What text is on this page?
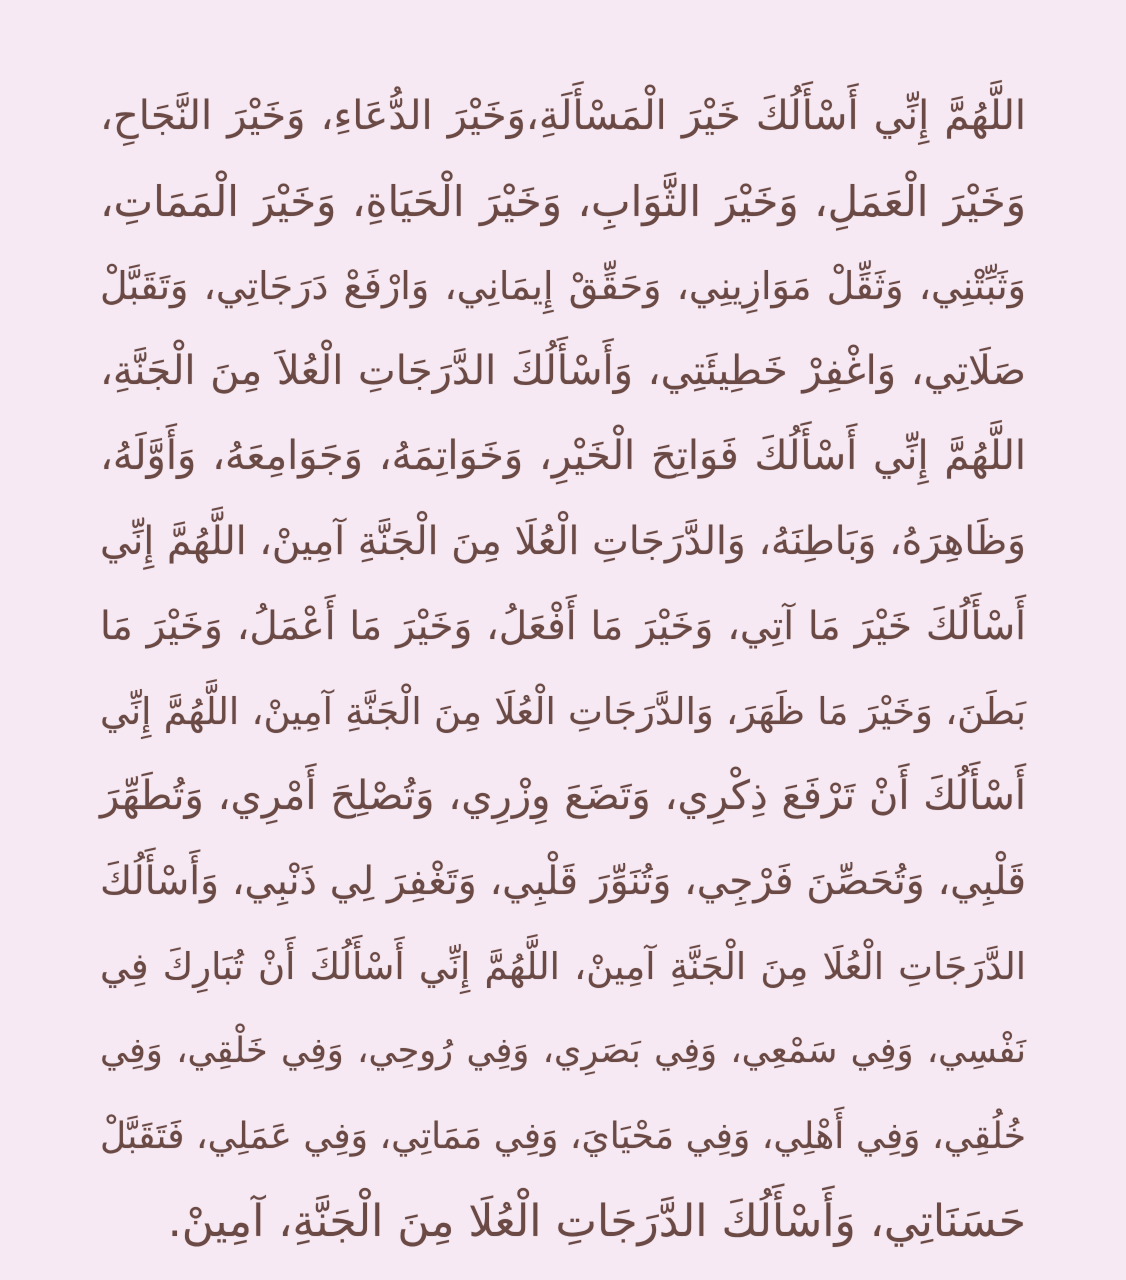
اللَّهُمَّ إِنِّي أَسْأَلُكَ خَيْرَ الْمَسْأَلَةِ،وَخَيْرَ الدُّعَاءِ، وَخَيْرَ النَّجَاحِ،
وَخَيْرَ الْعَمَلِ، وَخَيْرَ الثَّوَابِ، وَخَيْرَ الْحَيَاةِ، وَخَيْرَ الْمَمَاتِ،
وَثَبِّتْنِي، وَثَقِّلْ مَوَازِينِي، وَحَقِّقْ إِيمَانِي، وَارْفَعْ دَرَجَاتِي، وَتَقَبَّلْ
صَلَاتِي، وَاغْفِرْ خَطِيئَتِي، وَأَسْأَلُكَ الدَّرَجَاتِ الْعُلاَ مِنَ الْجَنَّةِ،
اللَّهُمَّ إِنِّي أَسْأَلُكَ فَوَاتِحَ الْخَيْرِ، وَخَوَاتِمَهُ، وَجَوَامِعَهُ، وَأَوَّلَهُ،
وَظَاهِرَهُ، وَبَاطِنَهُ، وَالدَّرَجَاتِ الْعُلَا مِنَ الْجَنَّةِ آمِينْ، اللَّهُمَّ إِنِّي
أَسْأَلُكَ خَيْرَ مَا آتِي، وَخَيْرَ مَا أَفْعَلُ، وَخَيْرَ مَا أَعْمَلُ، وَخَيْرَ مَا
بَطَنَ، وَخَيْرَ مَا ظَهَرَ، وَالدَّرَجَاتِ الْعُلَا مِنَ الْجَنَّةِ آمِينْ، اللَّهُمَّ إِنِّي
أَسْأَلُكَ أَنْ تَرْفَعَ ذِكْرِي، وَتَضَعَ وِزْرِي، وَتُصْلِحَ أَمْرِي، وَتُطَهِّرَ
قَلْبِي، وَتُحَصِّنَ فَرْجِي، وَتُنَوِّرَ قَلْبِي، وَتَغْفِرَ لِي ذَنْبِي، وَأَسْأَلُكَ
الدَّرَجَاتِ الْعُلَا مِنَ الْجَنَّةِ آمِينْ، اللَّهُمَّ إِنِّي أَسْأَلُكَ أَنْ تُبَارِكَ فِي
نَفْسِي، وَفِي سَمْعِي، وَفِي بَصَرِي، وَفِي رُوحِي، وَفِي خَلْقِي، وَفِي
خُلُقِي، وَفِي أَهْلِي، وَفِي مَحْيَايَ، وَفِي مَمَاتِي، وَفِي عَمَلِي، فَتَقَبَّلْ
حَسَنَاتِي، وَأَسْأَلُكَ الدَّرَجَاتِ الْعُلَا مِنَ الْجَنَّةِ، آمِينْ.
